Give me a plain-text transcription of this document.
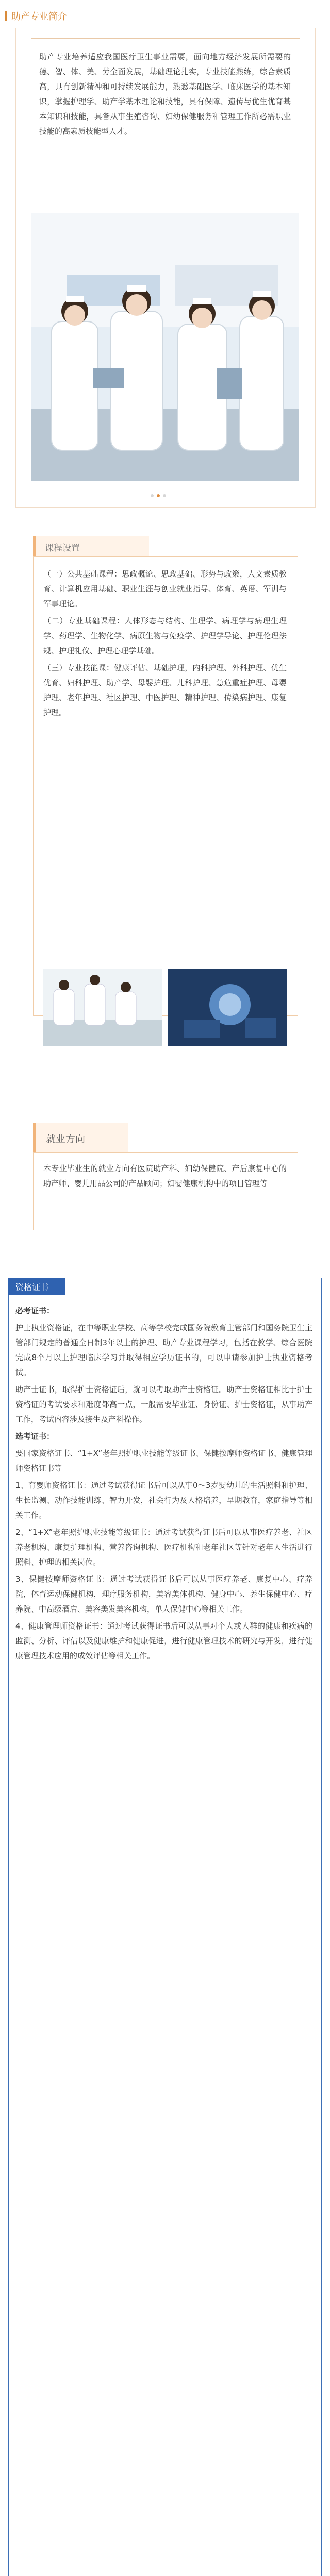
助产专业简介

助产专业培养适应我国医疗卫生事业需要，面向地方经济发展所需要的德、智、体、美、劳全面发展，基础理论扎实，专业技能熟练，综合素质高，具有创新精神和可持续发展能力，熟悉基础医学、临床医学的基本知识，掌握护理学、助产学基本理论和技能，具有保障、遗传与优生优育基本知识和技能，具备从事生殖咨询、妇幼保健服务和管理工作所必需职业技能的高素质技能型人才。

课程设置

（一）公共基础课程：思政概论、思政基础、形势与政策，人文素质教育、计算机应用基础、职业生涯与创业就业指导、体育、英语、军训与军事理论。

（二）专业基础课程：人体形态与结构、生理学、病理学与病理生理学、药理学、生物化学、病原生物与免疫学、护理学导论、护理伦理法规、护理礼仪、护理心理学基础。

（三）专业技能课：健康评估、基础护理，内科护理、外科护理、优生优育、妇科护理、助产学、母婴护理、儿科护理、急危重症护理、母婴护理、老年护理、社区护理、中医护理、精神护理、传染病护理、康复护理。

就业方向

本专业毕业生的就业方向有医院助产科、妇幼保健院、产后康复中心的助产师、婴儿用品公司的产品顾问；妇婴健康机构中的项目管理等

资格证书

必考证书：

护士执业资格证，在中等职业学校、高等学校完成国务院教育主管部门和国务院卫生主管部门规定的普通全日制3年以上的护理、助产专业课程学习，包括在教学、综合医院完成8个月以上护理临床学习并取得相应学历证书的，可以申请参加护士执业资格考试。

助产士证书，取得护士资格证后，就可以考取助产士资格证。助产士资格证相比于护士资格证的考试要求和难度都高一点，一般需要毕业证、身份证、护士资格证，从事助产工作，考试内容涉及接生及产科操作。

选考证书：

要国家资格证书、“1+X”老年照护职业技能等级证书、保健按摩师资格证书、健康管理师资格证书等

1、育婴师资格证书：通过考试获得证书后可以从事0～3岁婴幼儿的生活照料和护理、生长监测、动作技能训练、智力开发，社会行为及人格培养，早期教育，家庭指导等相关工作。

2、“1+X”老年照护职业技能等级证书：通过考试获得证书后可以从事医疗养老、社区养老机构、康复护理机构、营养咨询机构、医疗机构和老年社区等针对老年人生活进行照料、护理的相关岗位。

3、保健按摩师资格证书：通过考试获得证书后可以从事医疗养老、康复中心、疗养院，体育运动保健机构，理疗服务机构，美容美体机构、健身中心、养生保健中心、疗养院、中高级酒店、美容美发美容机构，单人保健中心等相关工作。

4、健康管理师资格证书：通过考试获得证书后可以从事对个人或人群的健康和疾病的监测、分析、评估以及健康维护和健康促进，进行健康管理技术的研究与开发，进行健康管理技术应用的成效评估等相关工作。
